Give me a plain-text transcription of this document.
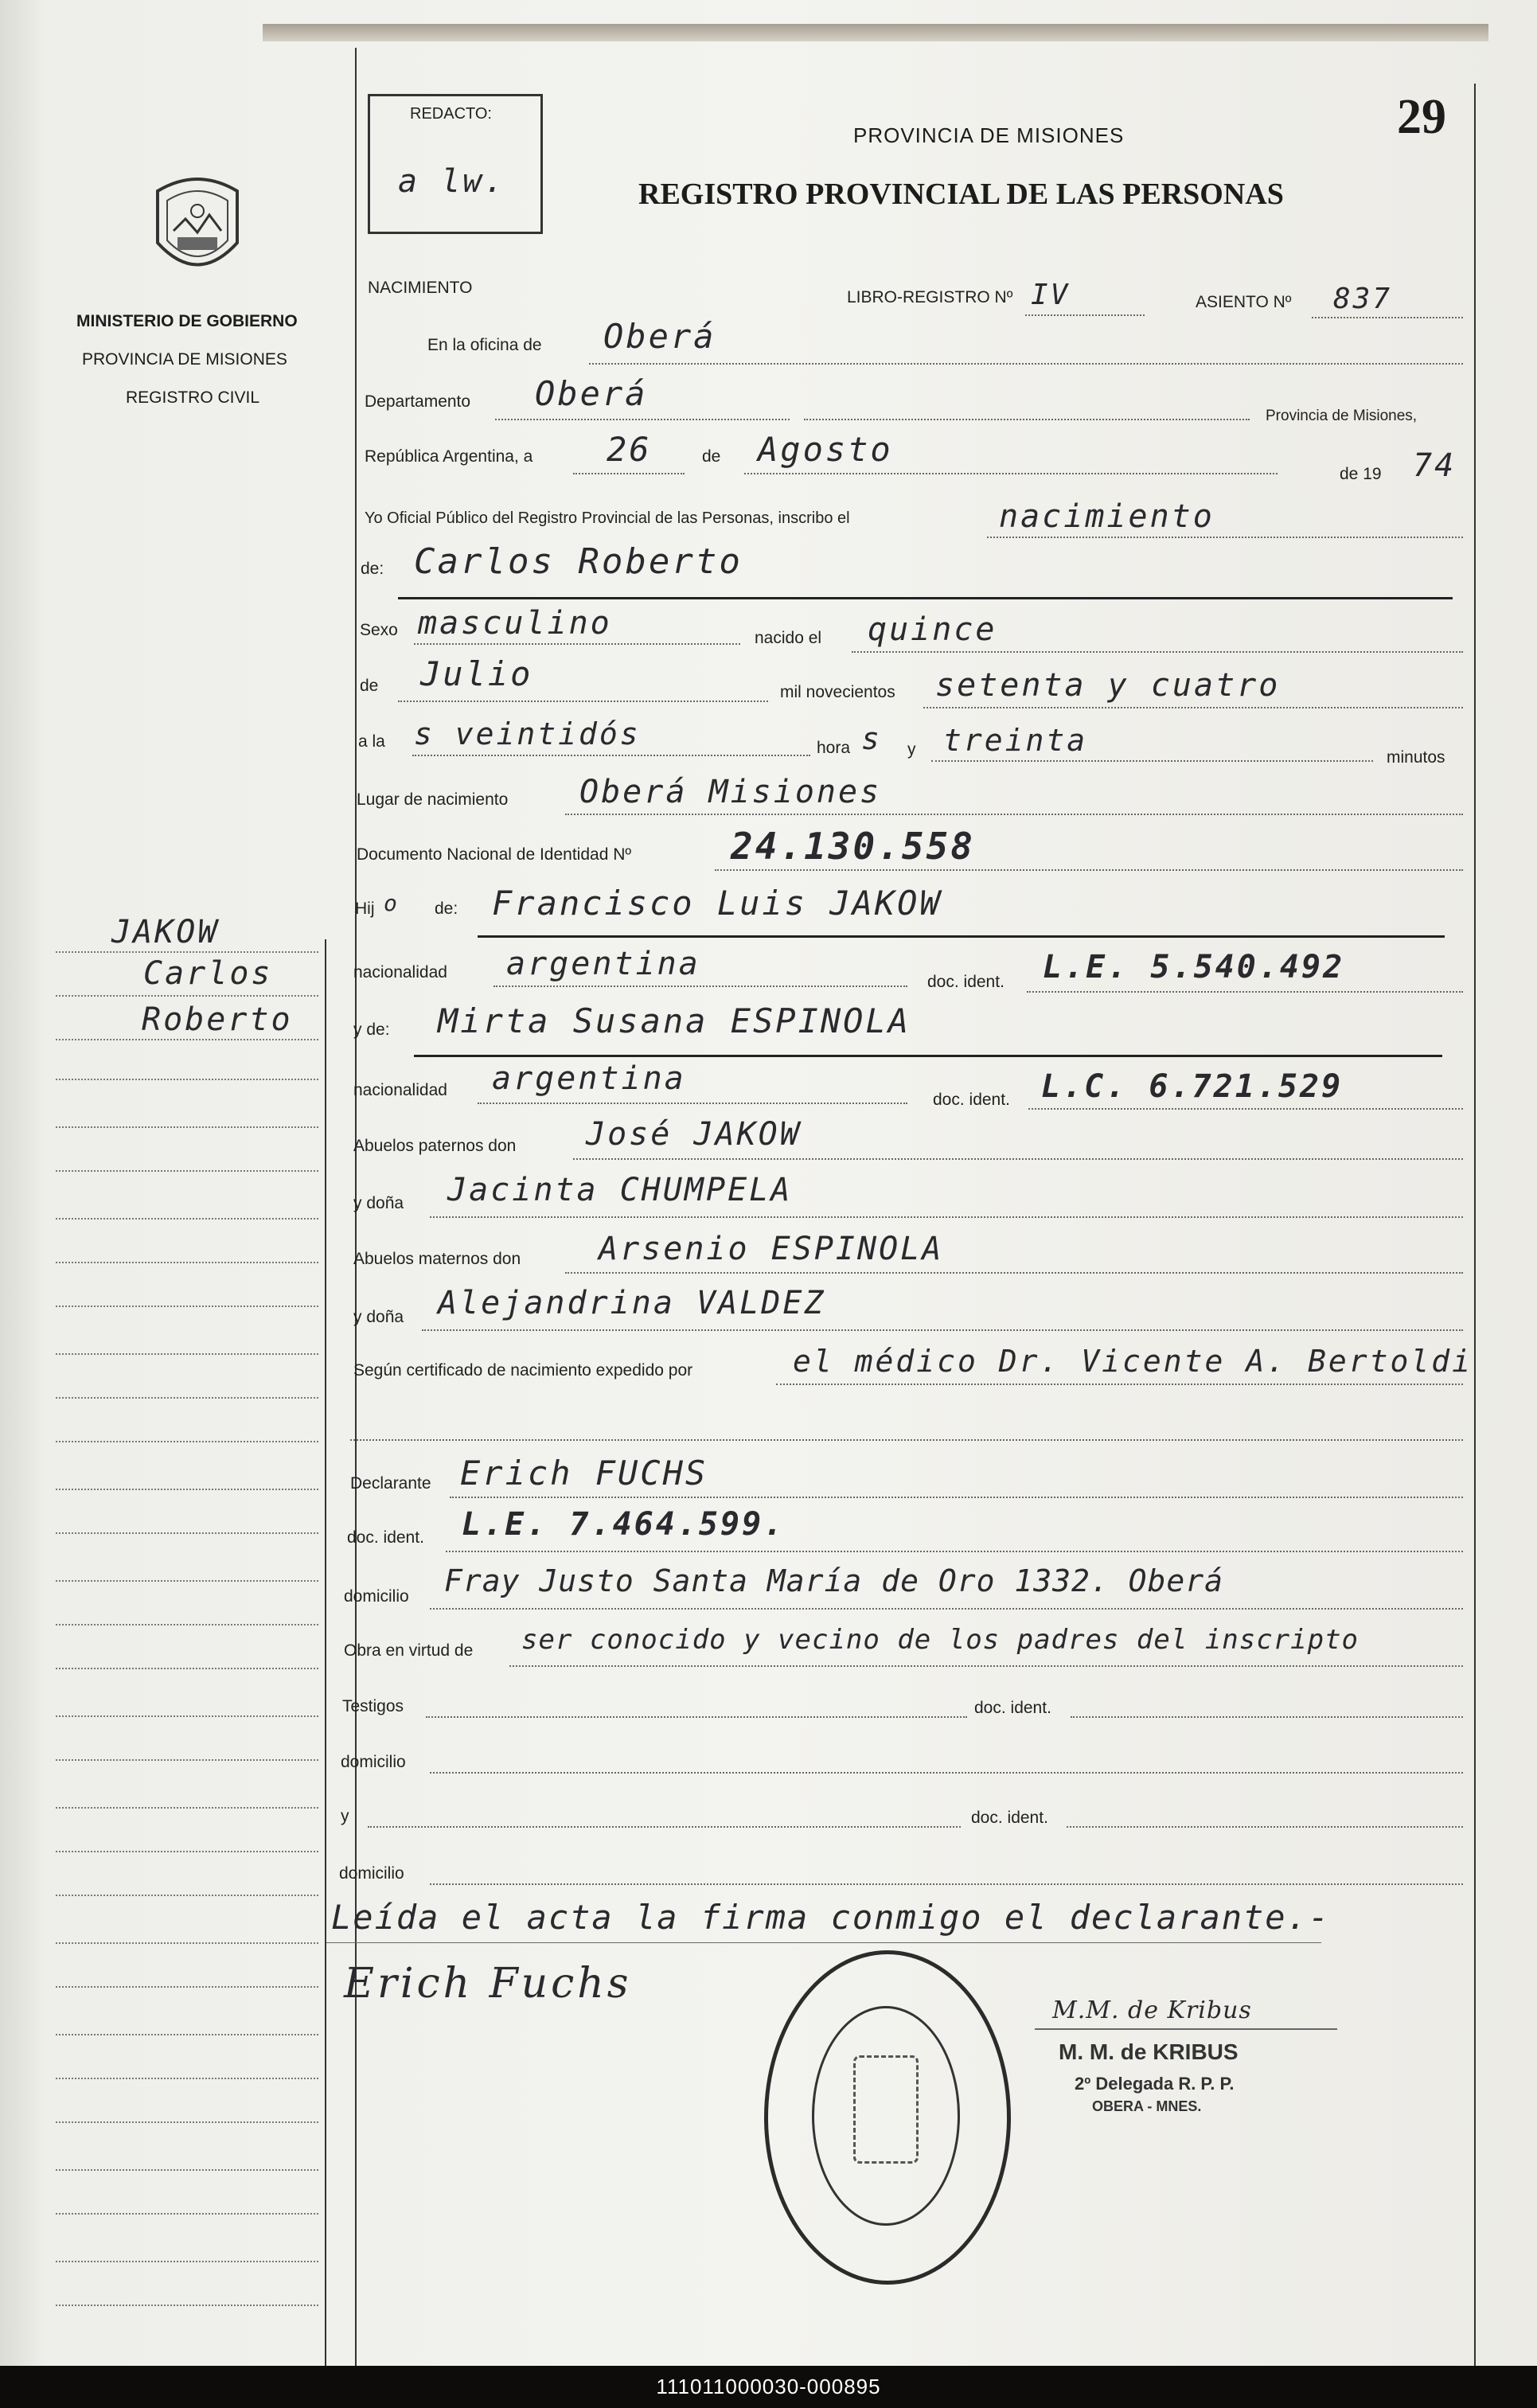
MINISTERIO DE GOBIERNO
PROVINCIA DE MISIONES
REGISTRO CIVIL
JAKOW
Carlos
Roberto
REDACTO:
a lw.
PROVINCIA DE MISIONES
REGISTRO PROVINCIAL DE LAS PERSONAS
29
NACIMIENTO
LIBRO-REGISTRO Nº IV	ASIENTO Nº 837
En la oficina de Oberá
Departamento Oberá
Provincia de Misiones,
República Argentina, a 26	de Agosto
de 19 74
Yo Oficial Público del Registro Provincial de las Personas, inscribo el	nacimiento
de: Carlos Roberto
Sexo masculino	nacido el quince
de Julio	mil novecientos setenta y cuatro
a la s veintidós	hora s y treinta	minutos
Lugar de nacimiento Oberá Misiones
Documento Nacional de Identidad Nº	24.130.558
Hij o de: Francisco Luis JAKOW
nacionalidad argentina	doc. ident. L.E. 5.540.492
y de: Mirta Susana ESPINOLA
nacionalidad argentina
doc. ident. L.C. 6.721.529
Abuelos paternos don José JAKOW
y doña Jacinta CHUMPELA
Abuelos maternos don Arsenio ESPINOLA
y doña Alejandrina VALDEZ
Según certificado de nacimiento expedido por	el médico Dr. Vicente A. Bertoldi
Declarante Erich FUCHS
doc. ident. L.E. 7.464.599.
domicilio Fray Justo Santa María de Oro 1332. Oberá
Obra en virtud de ser conocido y vecino de los padres del inscripto
Testigos	doc. ident.
domicilio
y	doc. ident.
domicilio
Leída el acta la firma conmigo el declarante.-
Erich Fuchs
M.M. de Kribus
M. M. de KRIBUS
2º Delegada R. P. P.
OBERA - MNES.
111011000030-000895
